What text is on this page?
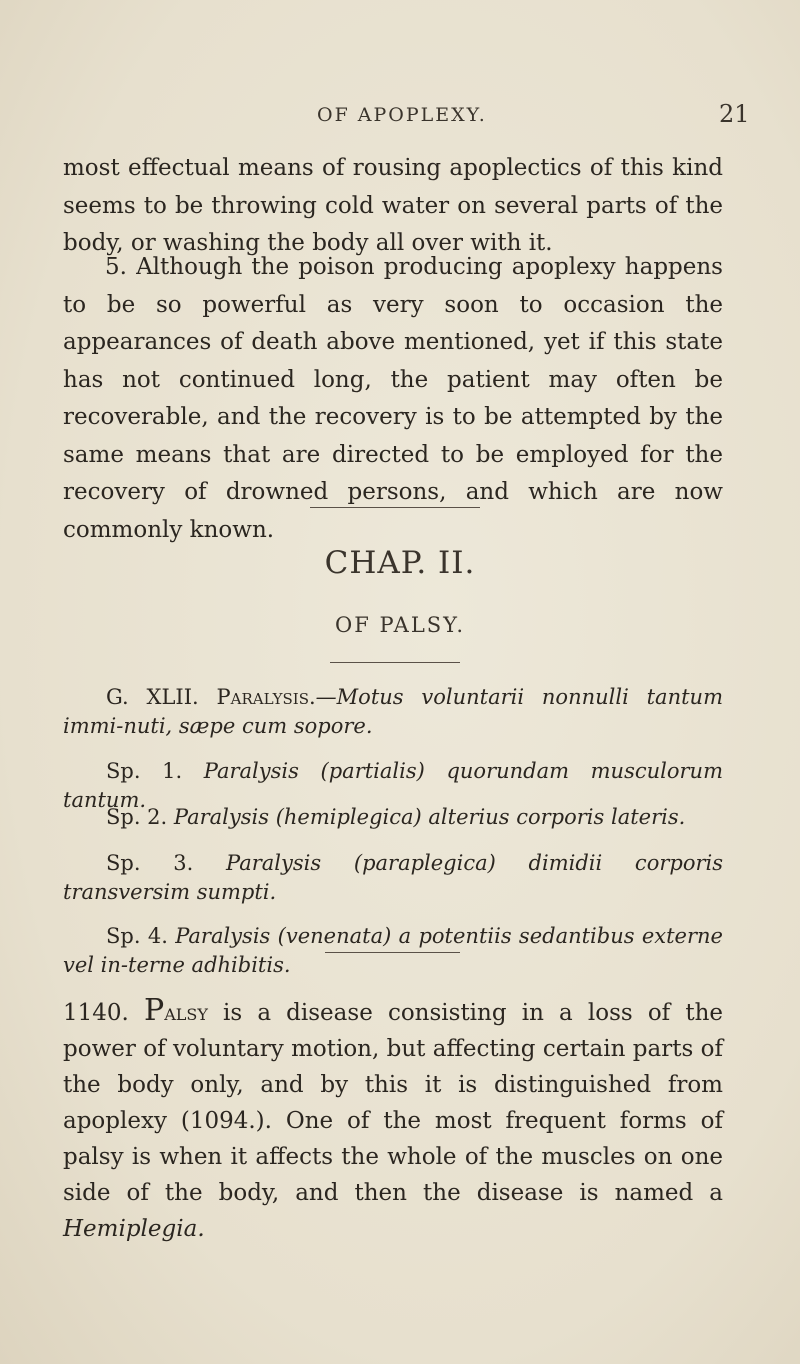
OF APOPLEXY.	21

most effectual means of rousing apoplectics of this kind seems to be throwing cold water on several parts of the body, or washing the body all over with it.

5. Although the poison producing apoplexy happens to be so powerful as very soon to occasion the appearances of death above mentioned, yet if this state has not continued long, the patient may often be recoverable, and the recovery is to be attempted by the same means that are directed to be employed for the recovery of drowned persons, and which are now commonly known.

CHAP. II.
OF PALSY.

G. XLII. Paralysis.—Motus voluntarii nonnulli tantum immi-nuti, sæpe cum sopore.

Sp. 1. Paralysis (partialis) quorundam musculorum tantum.

Sp. 2. Paralysis (hemiplegica) alterius corporis lateris.

Sp. 3. Paralysis (paraplegica) dimidii corporis transversim sumpti.

Sp. 4. Paralysis (venenata) a potentiis sedantibus externe vel in-terne adhibitis.

1140. Palsy is a disease consisting in a loss of the power of voluntary motion, but affecting certain parts of the body only, and by this it is distinguished from apoplexy (1094.). One of the most frequent forms of palsy is when it affects the whole of the muscles on one side of the body, and then the disease is named a Hemiplegia.
